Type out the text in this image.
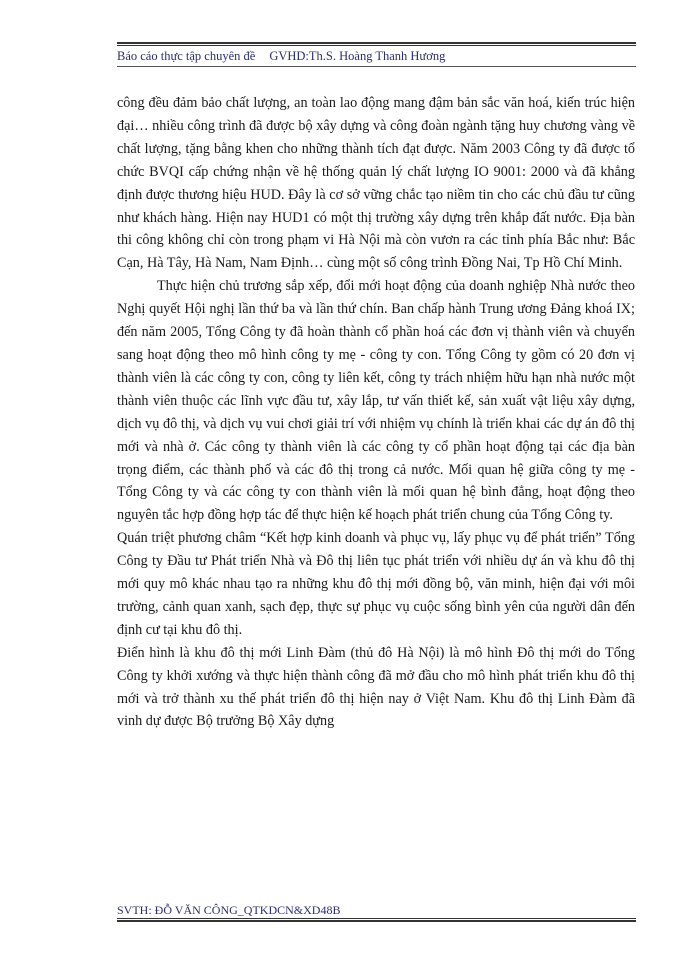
Báo cáo thực tập chuyên đề GVHD:Th.S. Hoàng Thanh Hương

công đều đảm bảo chất lượng, an toàn lao động mang đậm bản sắc văn hoá, kiến trúc hiện đại… nhiều công trình đã được bộ xây dựng và công đoàn ngành tặng huy chương vàng về chất lượng, tặng bằng khen cho những thành tích đạt được. Năm 2003 Công ty đã được tổ chức BVQI cấp chứng nhận về hệ thống quản lý chất lượng IO 9001: 2000 và đã khẳng định được thương hiệu HUD. Đây là cơ sở vững chắc tạo niềm tin cho các chủ đầu tư cũng như khách hàng. Hiện nay HUD1 có một thị trường xây dựng trên khắp đất nước. Địa bàn thi công không chỉ còn trong phạm vi Hà Nội mà còn vươn ra các tỉnh phía Bắc như: Bắc Cạn, Hà Tây, Hà Nam, Nam Định… cùng một số công trình Đồng Nai, Tp Hồ Chí Minh.

Thực hiện chủ trương sắp xếp, đổi mới hoạt động của doanh nghiệp Nhà nước theo Nghị quyết Hội nghị lần thứ ba và lần thứ chín. Ban chấp hành Trung ương Đảng khoá IX; đến năm 2005, Tổng Công ty đã hoàn thành cổ phần hoá các đơn vị thành viên và chuyển sang hoạt động theo mô hình công ty mẹ - công ty con. Tổng Công ty gồm có 20 đơn vị thành viên là các công ty con, công ty liên kết, công ty trách nhiệm hữu hạn nhà nước một thành viên thuộc các lĩnh vực đầu tư, xây lắp, tư vấn thiết kế, sản xuất vật liệu xây dựng, dịch vụ đô thị, và dịch vụ vui chơi giải trí với nhiệm vụ chính là triển khai các dự án đô thị mới và nhà ở. Các công ty thành viên là các công ty cổ phần hoạt động tại các địa bàn trọng điểm, các thành phố và các đô thị trong cả nước. Mối quan hệ giữa công ty mẹ - Tổng Công ty và các công ty con thành viên là mối quan hệ bình đẳng, hoạt động theo nguyên tắc hợp đồng hợp tác để thực hiện kế hoạch phát triển chung của Tổng Công ty.

Quán triệt phương châm “Kết hợp kinh doanh và phục vụ, lấy phục vụ để phát triển” Tổng Công ty Đầu tư Phát triển Nhà và Đô thị liên tục phát triển với nhiều dự án và khu đô thị mới quy mô khác nhau tạo ra những khu đô thị mới đồng bộ, văn minh, hiện đại với môi trường, cảnh quan xanh, sạch đẹp, thực sự phục vụ cuộc sống bình yên của người dân đến định cư tại khu đô thị.

Điển hình là khu đô thị mới Linh Đàm (thủ đô Hà Nội) là mô hình Đô thị mới do Tổng Công ty khởi xướng và thực hiện thành công đã mở đầu cho mô hình phát triển khu đô thị mới và trở thành xu thế phát triển đô thị hiện nay ở Việt Nam. Khu đô thị Linh Đàm đã vinh dự được Bộ trưởng Bộ Xây dựng

SVTH: ĐỖ VĂN CÔNG_QTKDCN&XD48B
